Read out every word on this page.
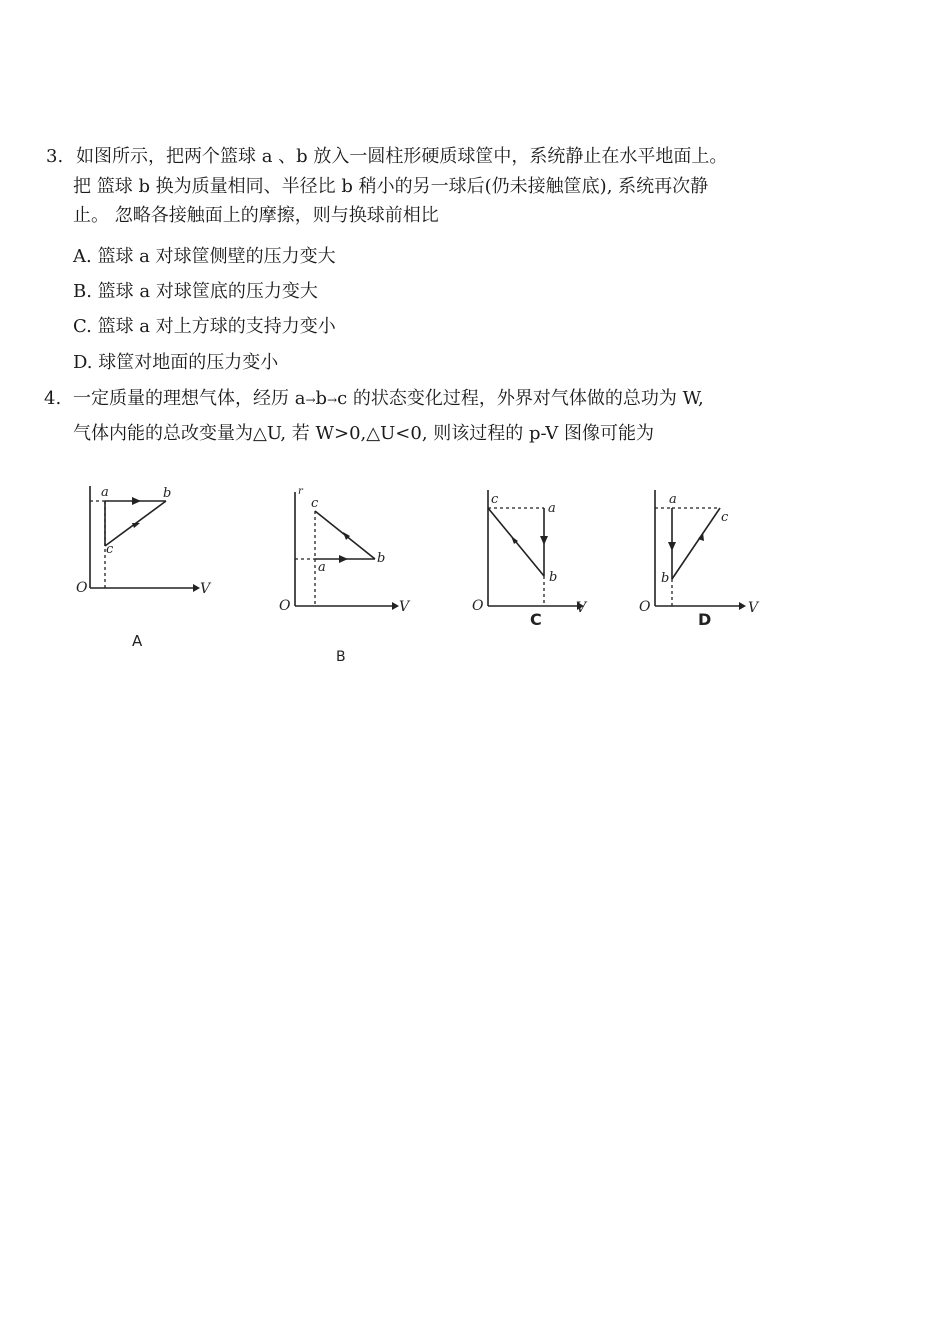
3. 如图所示，把两个篮球 a 、b 放入一圆柱形硬质球筐中，系统静止在水平地面上。
把 篮球 b 换为质量相同、半径比 b 稍小的另一球后(仍未接触筐底), 系统再次静
止。 忽略各接触面上的摩擦，则与换球前相比
A. 篮球 a 对球筐侧壁的压力变大
B. 篮球 a 对球筐底的压力变大
C. 篮球 a 对上方球的支持力变小
D. 球筐对地面的压力变小
4. 一定质量的理想气体，经历 a→b→c 的状态变化过程，外界对气体做的总功为 W,
气体内能的总改变量为△U, 若 W>0,△U<0, 则该过程的 p-V 图像可能为
a	b
c
O	V
A
r
c
b
a
O	V
B
c
a
b
O	V
C
a
c
b
O	V
D
